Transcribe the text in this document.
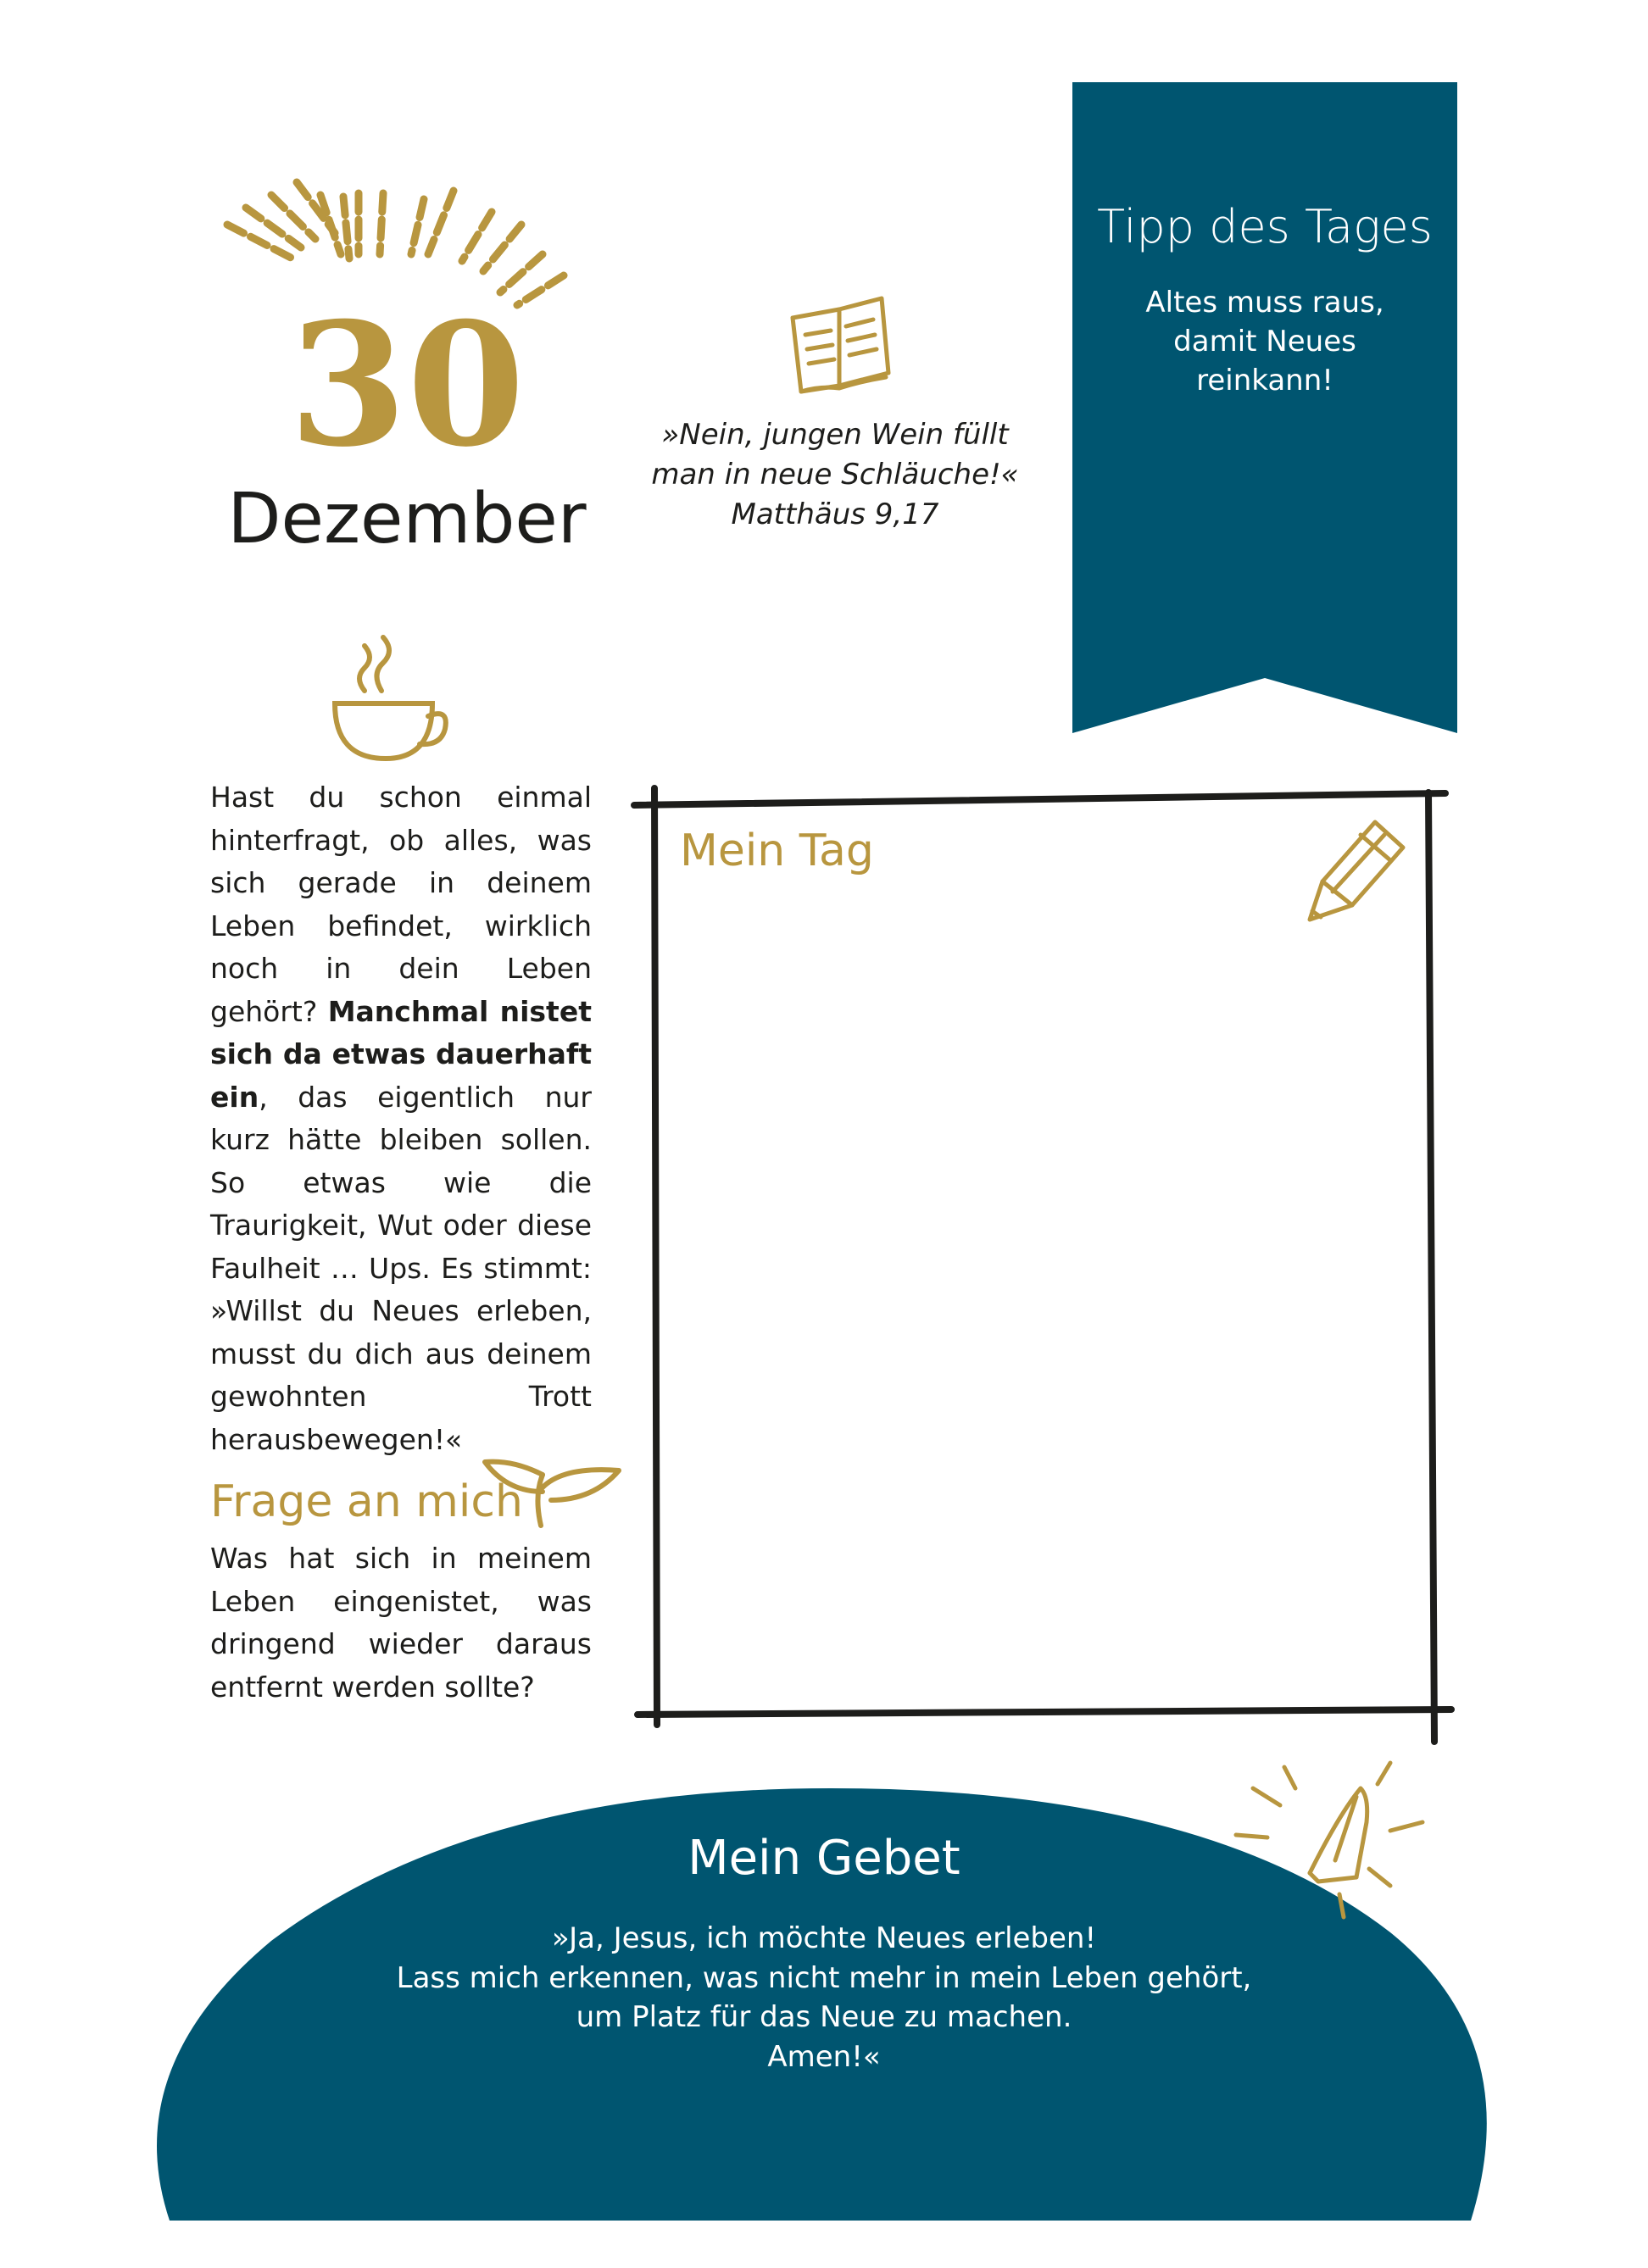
30
Dezember
»Nein, jungen Wein füllt
man in neue Schläuche!«
Matthäus 9,17
Tipp des Tages
Altes muss raus,
damit Neues
reinkann!

Hast du schon einmal hinterfragt, ob alles, was sich gerade in deinem Leben befindet, wirklich noch in dein Leben gehört? Manchmal nistet sich da etwas dauerhaft ein, das eigentlich nur kurz hätte bleiben sollen. So etwas wie die Traurigkeit, Wut oder diese Faulheit … Ups. Es stimmt: »Willst du Neues erleben, musst du dich aus deinem gewohnten Trott herausbewegen!«

Frage an mich

Was hat sich in meinem Leben eingenistet, was dringend wieder daraus entfernt werden sollte?

Mein Tag
Mein Gebet
»Ja, Jesus, ich möchte Neues erleben!
Lass mich erkennen, was nicht mehr in mein Leben gehört,
um Platz für das Neue zu machen.
Amen!«
